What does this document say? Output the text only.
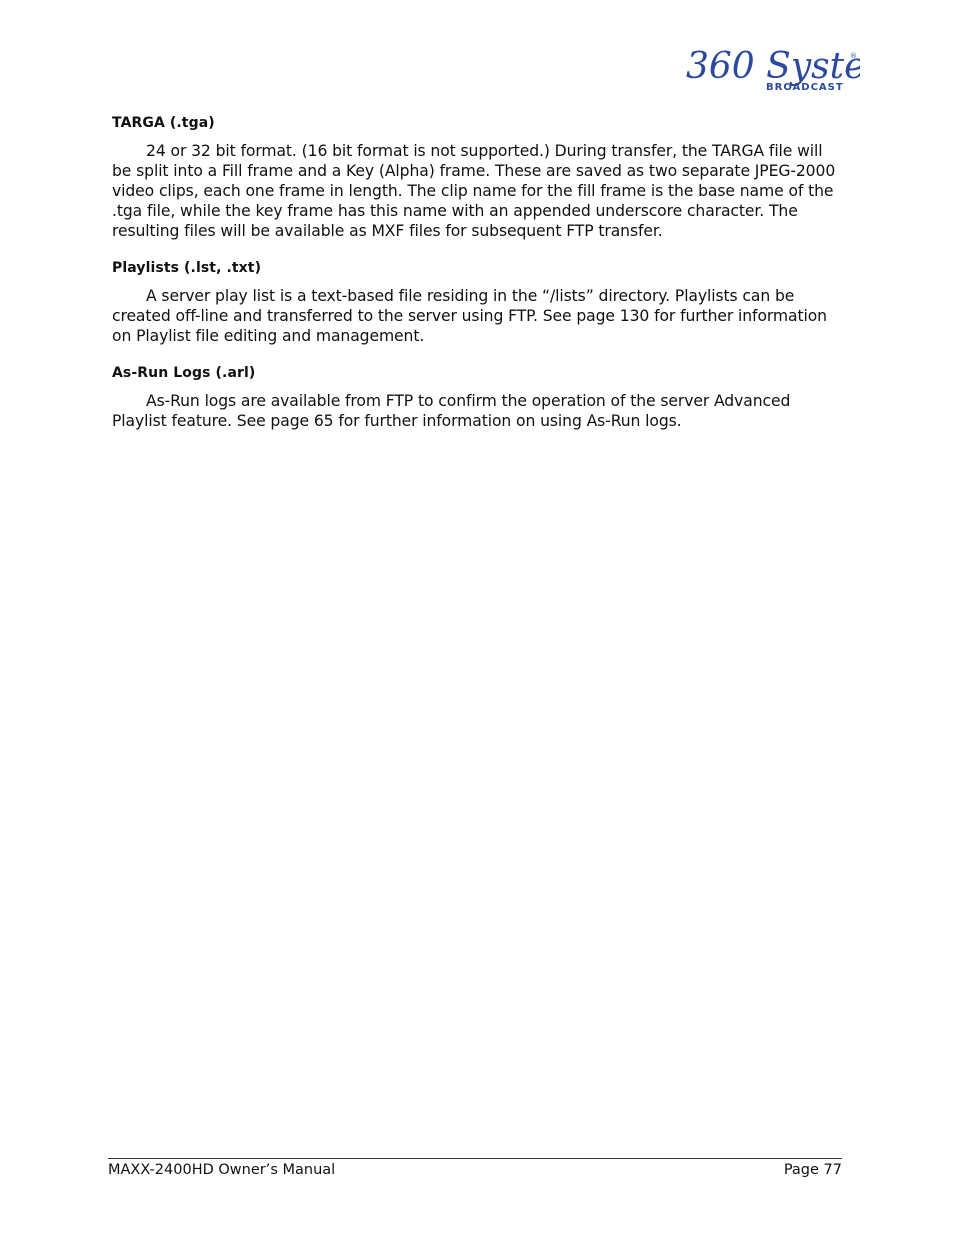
360 Syst ®
BROADCAST
TARGA (.tga)

24 or 32 bit format. (16 bit format is not supported.) During transfer, the TARGA file will be split into a Fill frame and a Key (Alpha) frame. These are saved as two separate JPEG-2000 video clips, each one frame in length. The clip name for the fill frame is the base name of the .tga file, while the key frame has this name with an appended underscore character. The resulting files will be available as MXF files for subsequent FTP transfer.

Playlists (.lst, .txt)

A server play list is a text-based file residing in the “/lists” directory. Playlists can be created off-line and transferred to the server using FTP. See page 130 for further information on Playlist file editing and management.

As-Run Logs (.arl)

As-Run logs are available from FTP to confirm the operation of the server Advanced Playlist feature. See page 65 for further information on using As-Run logs.

MAXX-2400HD Owner’s Manual	Page 77
